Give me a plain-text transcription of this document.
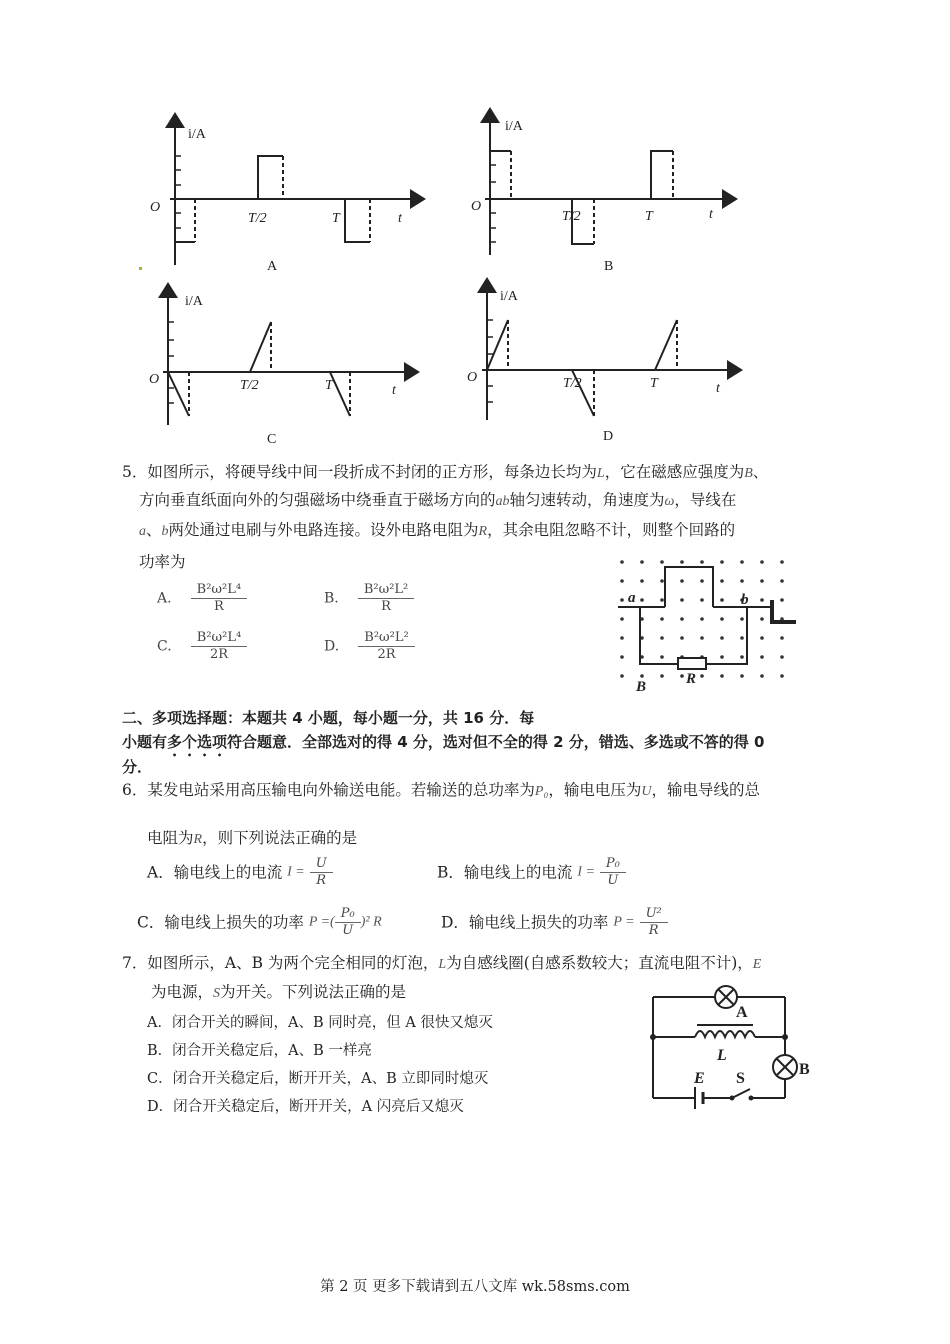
i/A
O
T/2	T	t
A
i/A
O
T/2	T	t
B
i/A
O	T/2	T	t
C
i/A
O	T/2	T	t
D
5．如图所示，将硬导线中间一段折成不封闭的正方形，每条边长均为L，它在磁感应强度为B、
方向垂直纸面向外的匀强磁场中绕垂直于磁场方向的ab轴匀速转动，角速度为ω，导线在
a、b两处通过电刷与外电路连接。设外电路电阻为R，其余电阻忽略不计，则整个回路的
功率为
A. $\frac{\text{B²ω²L⁴}}{R}$	B. $\frac{\text{B²ω²L²}}{R}$
C. $\frac{\text{B²ω²L⁴}}{2R}$	D. $\frac{\text{B²ω²L²}}{2R}$
a	b
R
B
二、多项选择题：本题共 4 小题，每小题一分，共 16 分．每
小题有多个选项符合题意．全部选对的得 4 分，选对但不全的得 2 分，错选、多选或不答的得 0
分．
6．某发电站采用高压输电向外输送电能。若输送的总功率为P₀，输电电压为U，输电导线的总
电阻为R，则下列说法正确的是
A．输电线上的电流 $I = \frac{U}{R}$	B．输电线上的电流 $I = \frac{\text{P₀}}{U}$
C．输电线上损失的功率 P =( $\frac{\text{P₀}}{U} )^2$ R	D．输电线上损失的功率 $P = \frac{\text{U²}}{R}$
7．如图所示，A、B 为两个完全相同的灯泡，L为自感线圈(自感系数较大；直流电阻不计)，E
为电源，S为开关。下列说法正确的是
A．闭合开关的瞬间，A、B 同时亮，但 A 很快又熄灭
B．闭合开关稳定后，A、B 一样亮
C．闭合开关稳定后，断开开关，A、B 立即同时熄灭
D．闭合开关稳定后，断开开关，A 闪亮后又熄灭
A
L
E S
B
第 2 页 更多下载请到五八文库 wk.58sms.com
